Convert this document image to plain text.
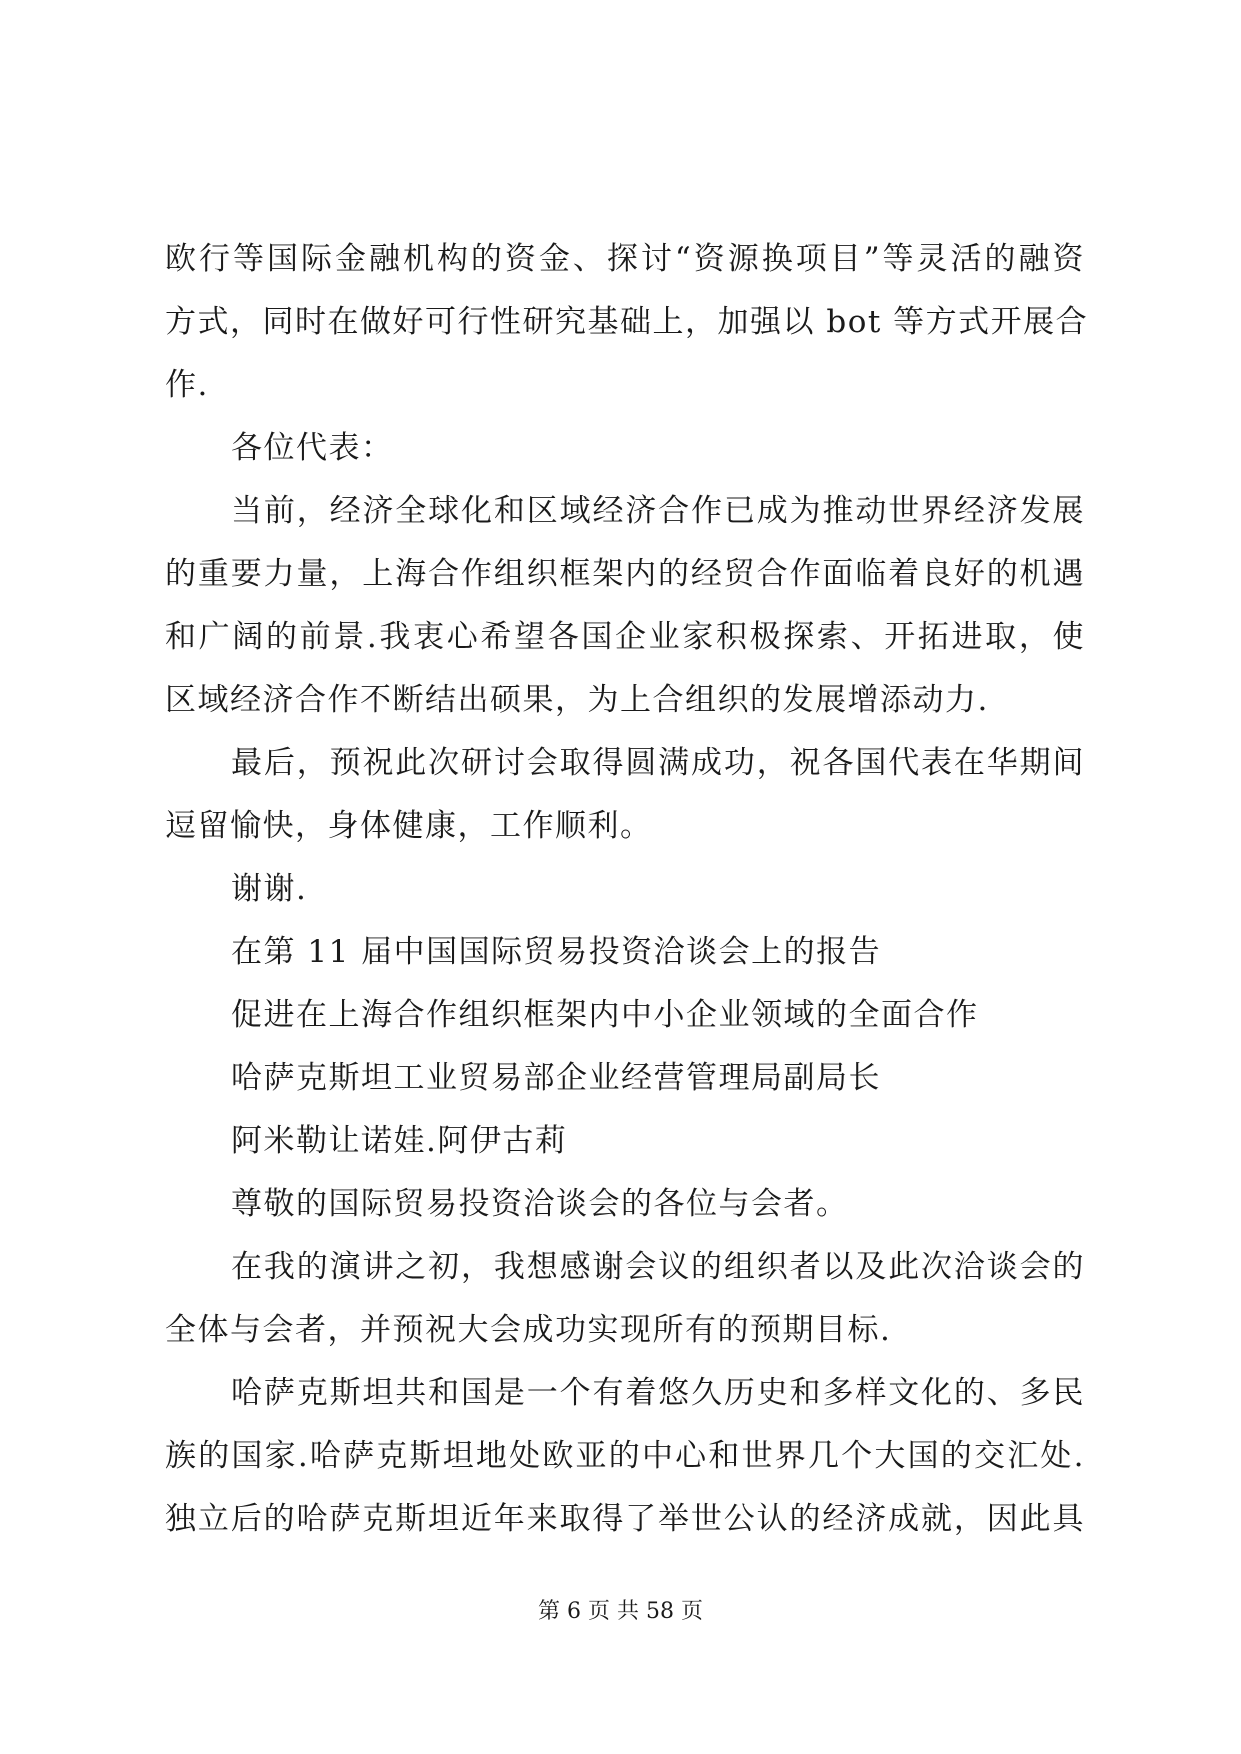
欧行等国际金融机构的资金、探讨“资源换项目”等灵活的融资
方式，同时在做好可行性研究基础上，加强以 bot 等方式开展合
作.
各位代表：
当前，经济全球化和区域经济合作已成为推动世界经济发展
的重要力量，上海合作组织框架内的经贸合作面临着良好的机遇
和广阔的前景.我衷心希望各国企业家积极探索、开拓进取，使
区域经济合作不断结出硕果，为上合组织的发展增添动力.
最后，预祝此次研讨会取得圆满成功，祝各国代表在华期间
逗留愉快，身体健康，工作顺利。
谢谢.
在第 11 届中国国际贸易投资洽谈会上的报告
促进在上海合作组织框架内中小企业领域的全面合作
哈萨克斯坦工业贸易部企业经营管理局副局长
阿米勒让诺娃.阿伊古莉
尊敬的国际贸易投资洽谈会的各位与会者。
在我的演讲之初，我想感谢会议的组织者以及此次洽谈会的
全体与会者，并预祝大会成功实现所有的预期目标.
哈萨克斯坦共和国是一个有着悠久历史和多样文化的、多民
族的国家.哈萨克斯坦地处欧亚的中心和世界几个大国的交汇处.
独立后的哈萨克斯坦近年来取得了举世公认的经济成就，因此具
第 6 页 共 58 页
